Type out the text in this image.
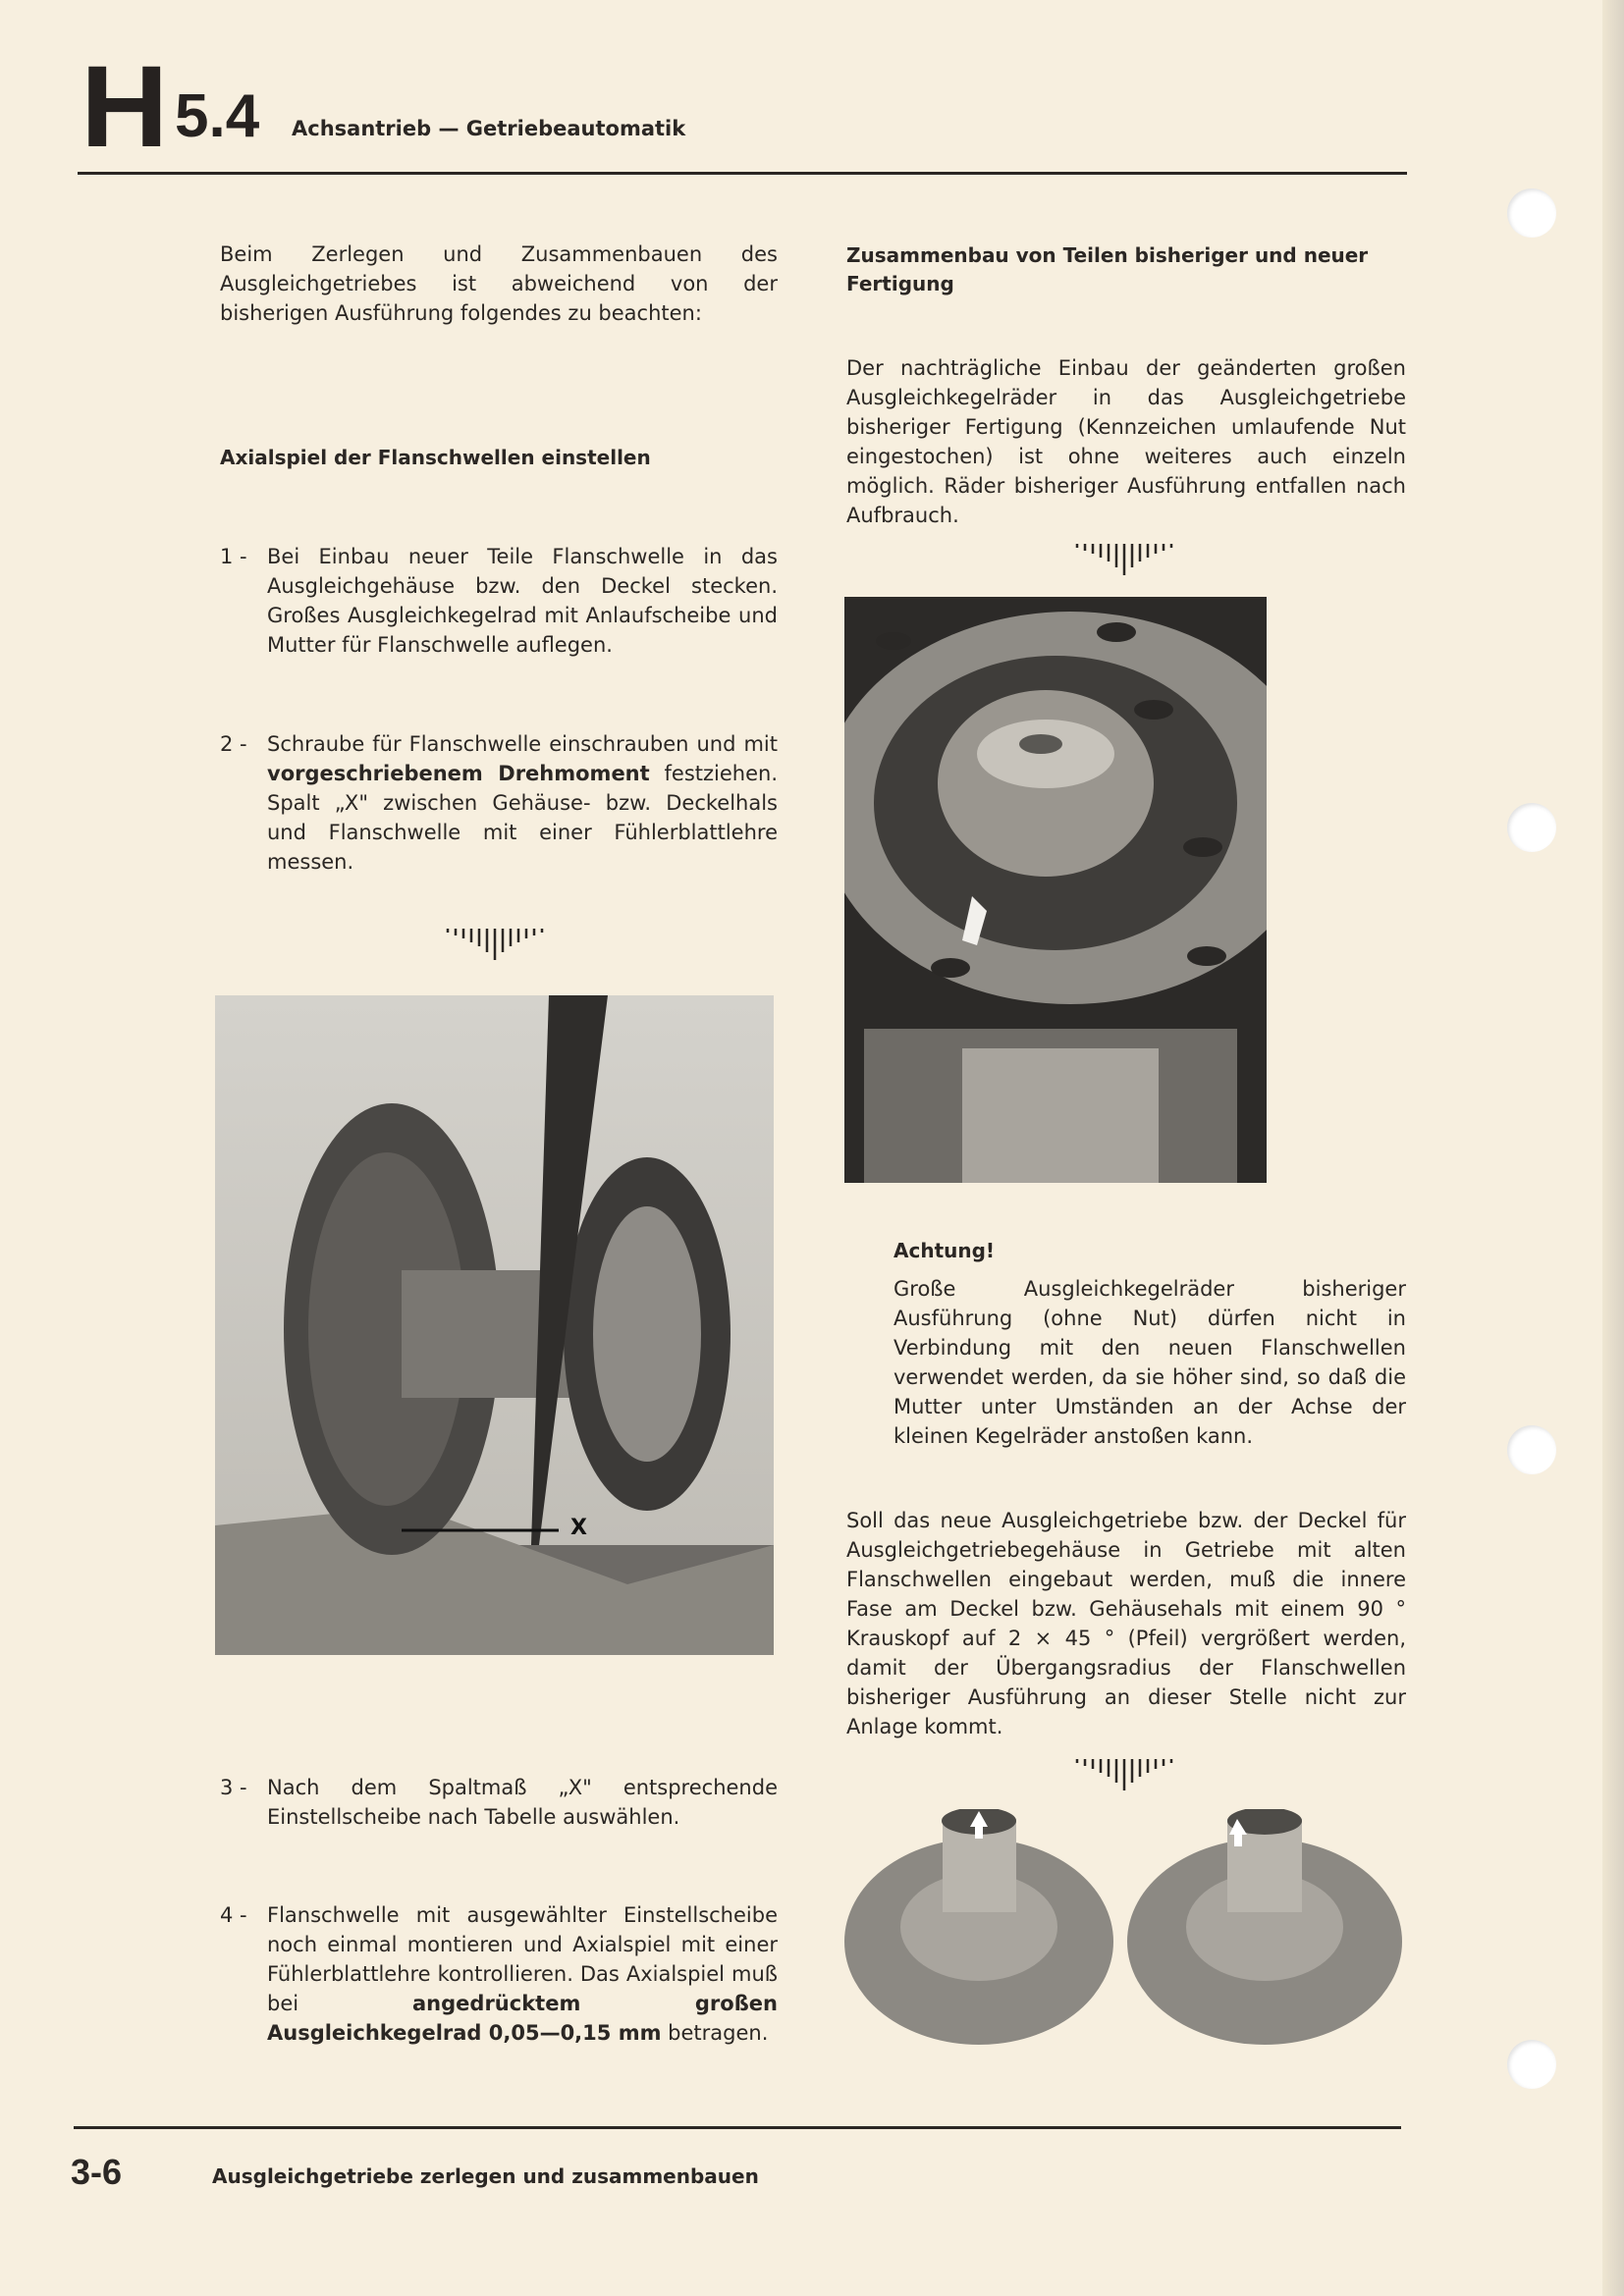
H 5.4 Achsantrieb — Getriebeautomatik
Beim Zerlegen und Zusammenbauen des Ausgleichgetriebes ist abweichend von der bisherigen Ausführung folgendes zu beachten:
Axialspiel der Flanschwellen einstellen
1 - Bei Einbau neuer Teile Flanschwelle in das Ausgleichgehäuse bzw. den Deckel stecken. Großes Ausgleichkegelrad mit Anlaufscheibe und Mutter für Flanschwelle auflegen.
2 - Schraube für Flanschwelle einschrauben und mit vorgeschriebenem Drehmoment festziehen. Spalt „X" zwischen Gehäuse- bzw. Deckelhals und Flanschwelle mit einer Fühlerblattlehre messen.
X
3 - Nach dem Spaltmaß „X" entsprechende Einstellscheibe nach Tabelle auswählen.
4 - Flanschwelle mit ausgewählter Einstellscheibe noch einmal montieren und Axialspiel mit einer Fühlerblattlehre kontrollieren. Das Axialspiel muß bei angedrücktem großen Ausgleichkegelrad 0,05—0,15 mm betragen.
Zusammenbau von Teilen bisheriger und neuer Fertigung
Der nachträgliche Einbau der geänderten großen Ausgleichkegelräder in das Ausgleichgetriebe bisheriger Fertigung (Kennzeichen umlaufende Nut eingestochen) ist ohne weiteres auch einzeln möglich. Räder bisheriger Ausführung entfallen nach Aufbrauch.
Achtung!
Große Ausgleichkegelräder bisheriger Ausführung (ohne Nut) dürfen nicht in Verbindung mit den neuen Flanschwellen verwendet werden, da sie höher sind, so daß die Mutter unter Umständen an der Achse der kleinen Kegelräder anstoßen kann.
Soll das neue Ausgleichgetriebe bzw. der Deckel für Ausgleichgetriebegehäuse in Getriebe mit alten Flanschwellen eingebaut werden, muß die innere Fase am Deckel bzw. Gehäusehals mit einem 90 ° Krauskopf auf 2 × 45 ° (Pfeil) vergrößert werden, damit der Übergangsradius der Flanschwellen bisheriger Ausführung an dieser Stelle nicht zur Anlage kommt.
3-6	Ausgleichgetriebe zerlegen und zusammenbauen
